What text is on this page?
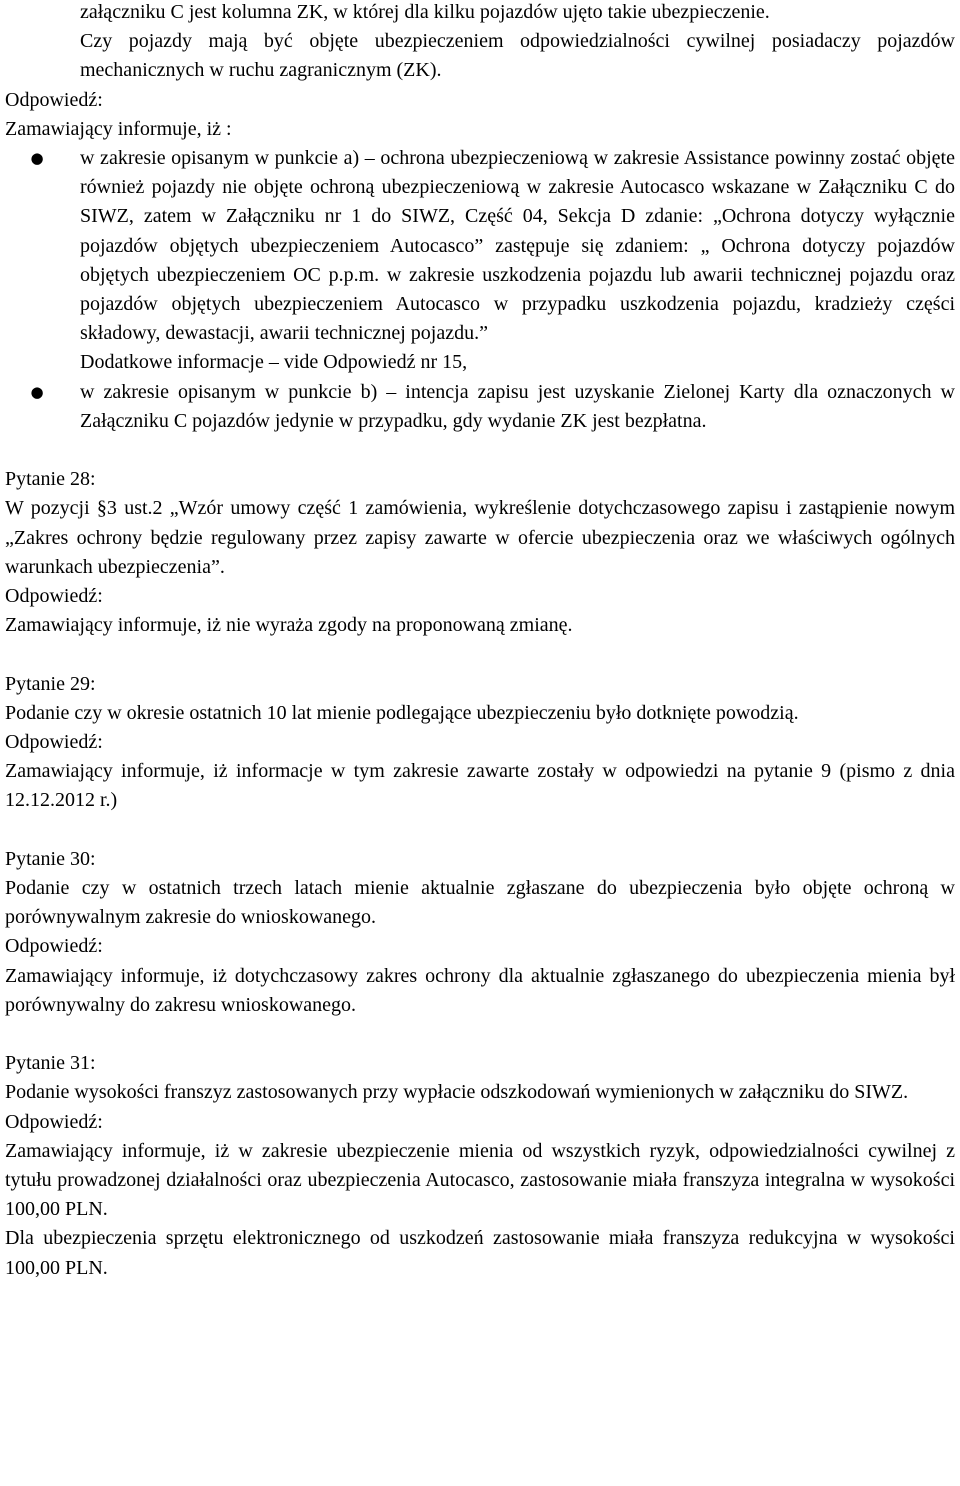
załączniku C jest kolumna ZK, w której dla kilku pojazdów ujęto takie ubezpieczenie.

Czy pojazdy mają być objęte ubezpieczeniem odpowiedzialności cywilnej posiadaczy pojazdów mechanicznych w ruchu zagranicznym (ZK).

Odpowiedź:

Zamawiający informuje, iż :

● w zakresie opisanym w punkcie a) – ochrona ubezpieczeniową w zakresie Assistance powinny zostać objęte również pojazdy nie objęte ochroną ubezpieczeniową w zakresie Autocasco wskazane w Załączniku C do SIWZ, zatem w Załączniku nr 1 do SIWZ, Część 04, Sekcja D zdanie: „Ochrona dotyczy wyłącznie pojazdów objętych ubezpieczeniem Autocasco” zastępuje się zdaniem: „ Ochrona dotyczy pojazdów objętych ubezpieczeniem OC p.p.m. w zakresie uszkodzenia pojazdu lub awarii technicznej pojazdu oraz pojazdów objętych ubezpieczeniem Autocasco w przypadku uszkodzenia pojazdu, kradzieży części składowy, dewastacji, awarii technicznej pojazdu.”
Dodatkowe informacje – vide Odpowiedź nr 15,
● w zakresie opisanym w punkcie b) – intencja zapisu jest uzyskanie Zielonej Karty dla oznaczonych w Załączniku C pojazdów jedynie w przypadku, gdy wydanie ZK jest bezpłatna.

Pytanie 28:

W pozycji §3 ust.2 „Wzór umowy część 1 zamówienia, wykreślenie dotychczasowego zapisu i zastąpienie nowym „Zakres ochrony będzie regulowany przez zapisy zawarte w ofercie ubezpieczenia oraz we właściwych ogólnych warunkach ubezpieczenia”.

Odpowiedź:

Zamawiający informuje, iż nie wyraża zgody na proponowaną zmianę.

Pytanie 29:

Podanie czy w okresie ostatnich 10 lat mienie podlegające ubezpieczeniu było dotknięte powodzią.

Odpowiedź:

Zamawiający informuje, iż informacje w tym zakresie zawarte zostały w odpowiedzi na pytanie 9 (pismo z dnia 12.12.2012 r.)

Pytanie 30:

Podanie czy w ostatnich trzech latach mienie aktualnie zgłaszane do ubezpieczenia było objęte ochroną w porównywalnym zakresie do wnioskowanego.

Odpowiedź:

Zamawiający informuje, iż dotychczasowy zakres ochrony dla aktualnie zgłaszanego do ubezpieczenia mienia był porównywalny do zakresu wnioskowanego.

Pytanie 31:

Podanie wysokości franszyz zastosowanych przy wypłacie odszkodowań wymienionych w załączniku do SIWZ.

Odpowiedź:

Zamawiający informuje, iż w zakresie ubezpieczenie mienia od wszystkich ryzyk, odpowiedzialności cywilnej z tytułu prowadzonej działalności oraz ubezpieczenia Autocasco, zastosowanie miała franszyza integralna w wysokości 100,00 PLN.

Dla ubezpieczenia sprzętu elektronicznego od uszkodzeń zastosowanie miała franszyza redukcyjna w wysokości 100,00 PLN.
